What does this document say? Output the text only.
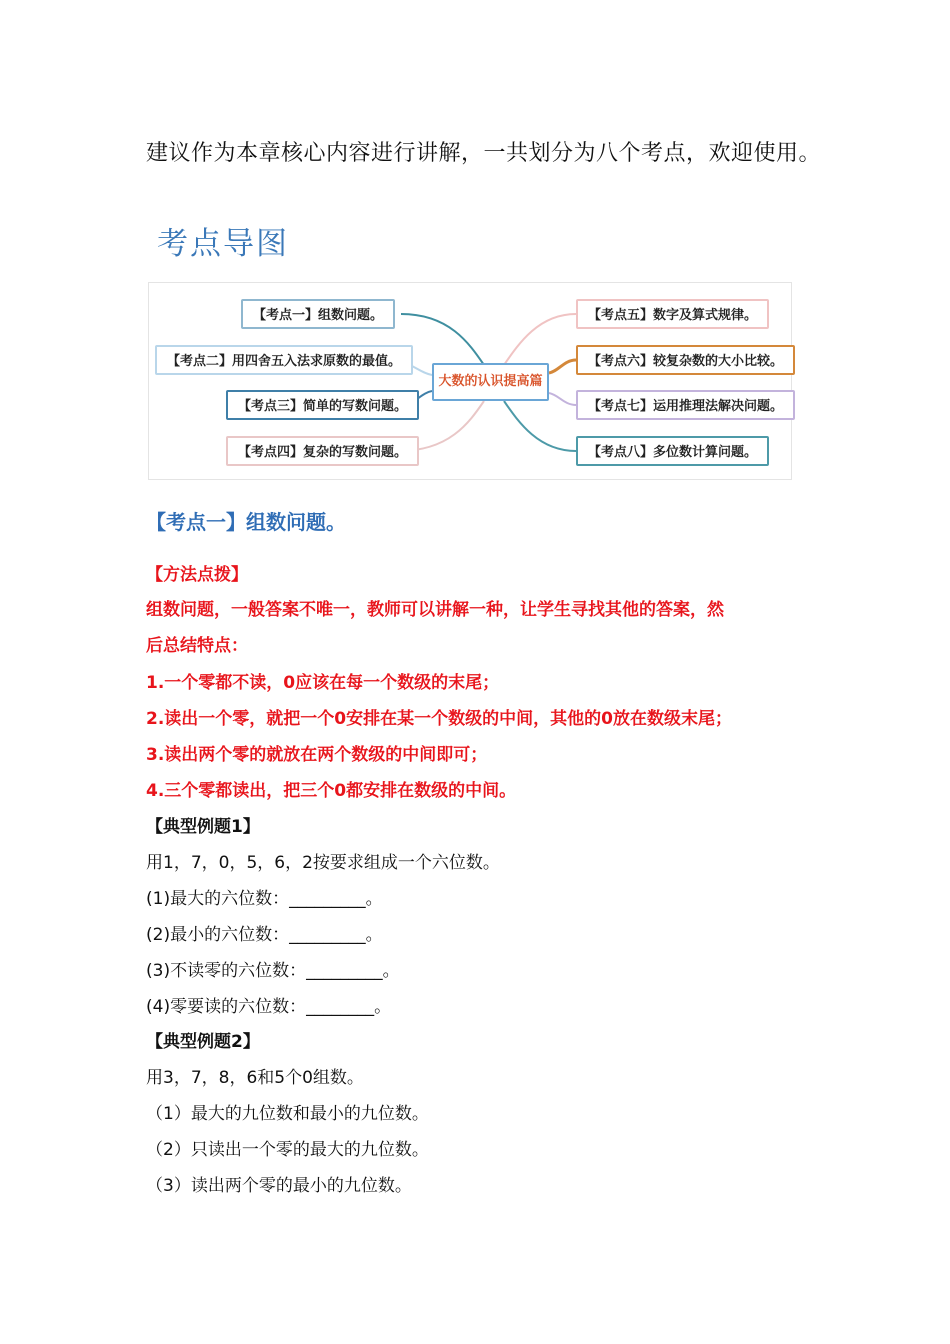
建议作为本章核心内容进行讲解，一共划分为八个考点，欢迎使用。
考点导图
大数的认识提高篇
【考点一】组数问题。
【考点二】用四舍五入法求原数的最值。
【考点三】简单的写数问题。
【考点四】复杂的写数问题。
【考点五】数字及算式规律。
【考点六】较复杂数的大小比较。
【考点七】运用推理法解决问题。
【考点八】多位数计算问题。
【考点一】组数问题。
【方法点拨】
组数问题，一般答案不唯一，教师可以讲解一种，让学生寻找其他的答案，然
后总结特点：
1.一个零都不读，0应该在每一个数级的末尾；
2.读出一个零，就把一个0安排在某一个数级的中间，其他的0放在数级末尾；
3.读出两个零的就放在两个数级的中间即可；
4.三个零都读出，把三个0都安排在数级的中间。
【典型例题1】
用1，7，0，5，6，2按要求组成一个六位数。
(1)最大的六位数：_________。
(2)最小的六位数：_________。
(3)不读零的六位数：_________。
(4)零要读的六位数：________。
【典型例题2】
用3，7，8，6和5个0组数。
（1）最大的九位数和最小的九位数。
（2）只读出一个零的最大的九位数。
（3）读出两个零的最小的九位数。
